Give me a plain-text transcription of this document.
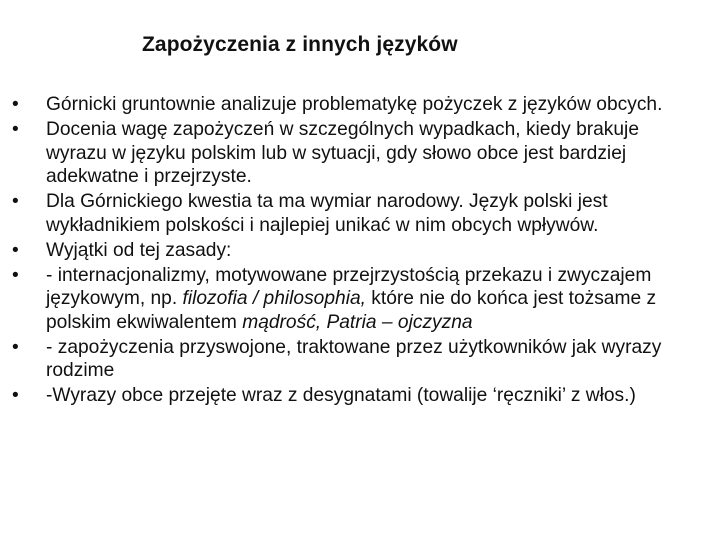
Zapożyczenia z innych języków
•	Górnicki gruntownie analizuje problematykę pożyczek z języków obcych.
•	Docenia wagę zapożyczeń w szczególnych wypadkach, kiedy brakuje wyrazu w języku polskim lub w sytuacji, gdy słowo obce jest bardziej adekwatne i przejrzyste.
•	Dla Górnickiego kwestia ta ma wymiar narodowy. Język polski jest wykładnikiem polskości i najlepiej unikać w nim obcych wpływów.
•	Wyjątki od tej zasady:
•	- internacjonalizmy, motywowane przejrzystością przekazu i zwyczajem językowym, np. filozofia / philosophia, które nie do końca jest tożsame z polskim ekwiwalentem mądrość, Patria – ojczyzna
•	- zapożyczenia przyswojone, traktowane przez użytkowników jak wyrazy rodzime
•	-Wyrazy obce przejęte wraz z desygnatami (towalije ‘ręczniki’ z włos.)
